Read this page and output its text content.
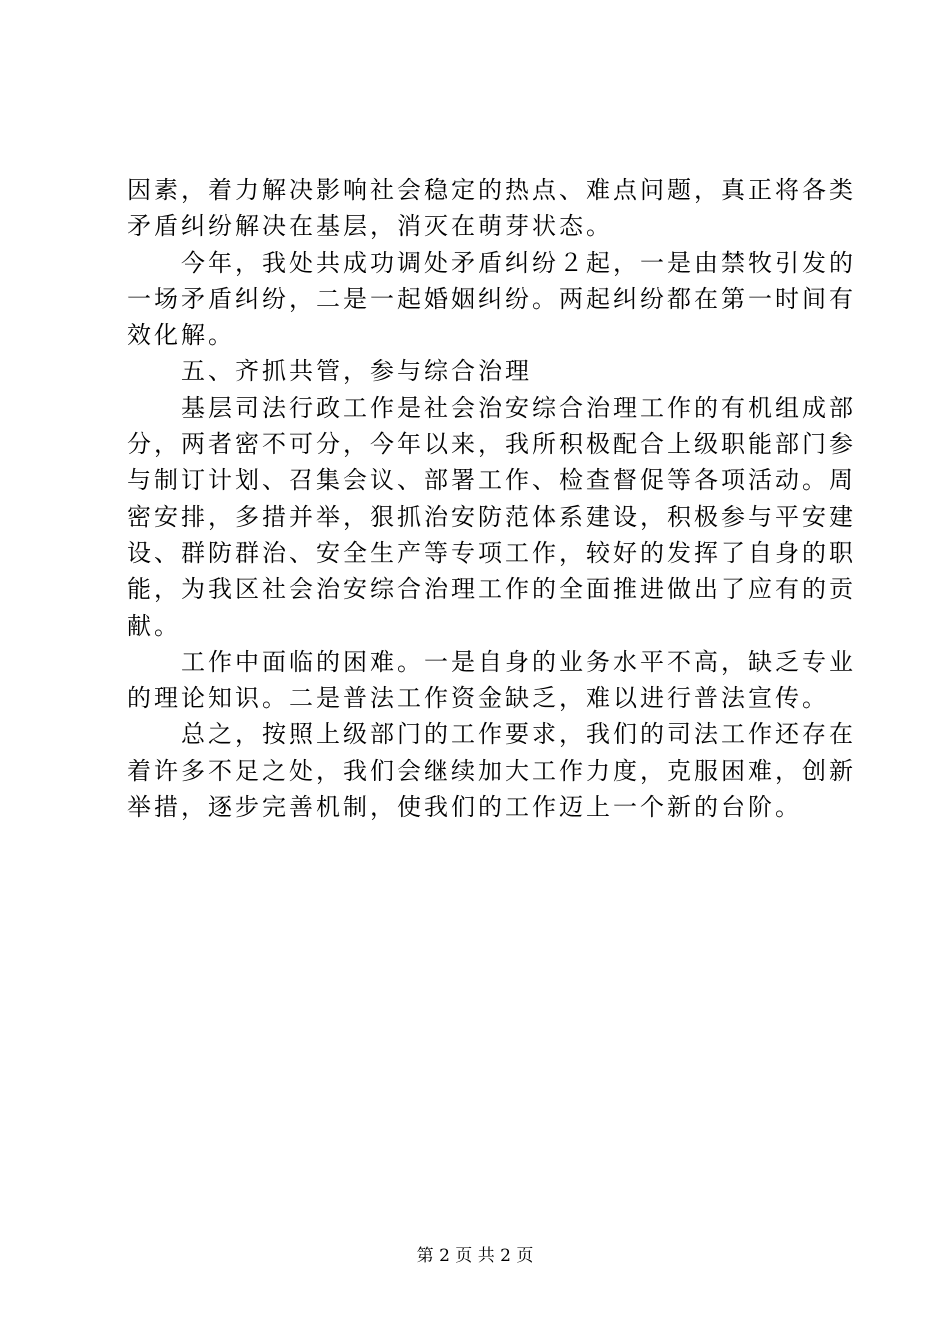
因素，着力解决影响社会稳定的热点、难点问题，真正将各类
矛盾纠纷解决在基层，消灭在萌芽状态。
　　今年，我处共成功调处矛盾纠纷２起，一是由禁牧引发的
一场矛盾纠纷，二是一起婚姻纠纷。两起纠纷都在第一时间有
效化解。
　　五、齐抓共管，参与综合治理
　　基层司法行政工作是社会治安综合治理工作的有机组成部
分，两者密不可分，今年以来，我所积极配合上级职能部门参
与制订计划、召集会议、部署工作、检查督促等各项活动。周
密安排，多措并举，狠抓治安防范体系建设，积极参与平安建
设、群防群治、安全生产等专项工作，较好的发挥了自身的职
能，为我区社会治安综合治理工作的全面推进做出了应有的贡
献。
　　工作中面临的困难。一是自身的业务水平不高，缺乏专业
的理论知识。二是普法工作资金缺乏，难以进行普法宣传。
　　总之，按照上级部门的工作要求，我们的司法工作还存在
着许多不足之处，我们会继续加大工作力度，克服困难，创新
举措，逐步完善机制，使我们的工作迈上一个新的台阶。
第 2 页 共 2 页
